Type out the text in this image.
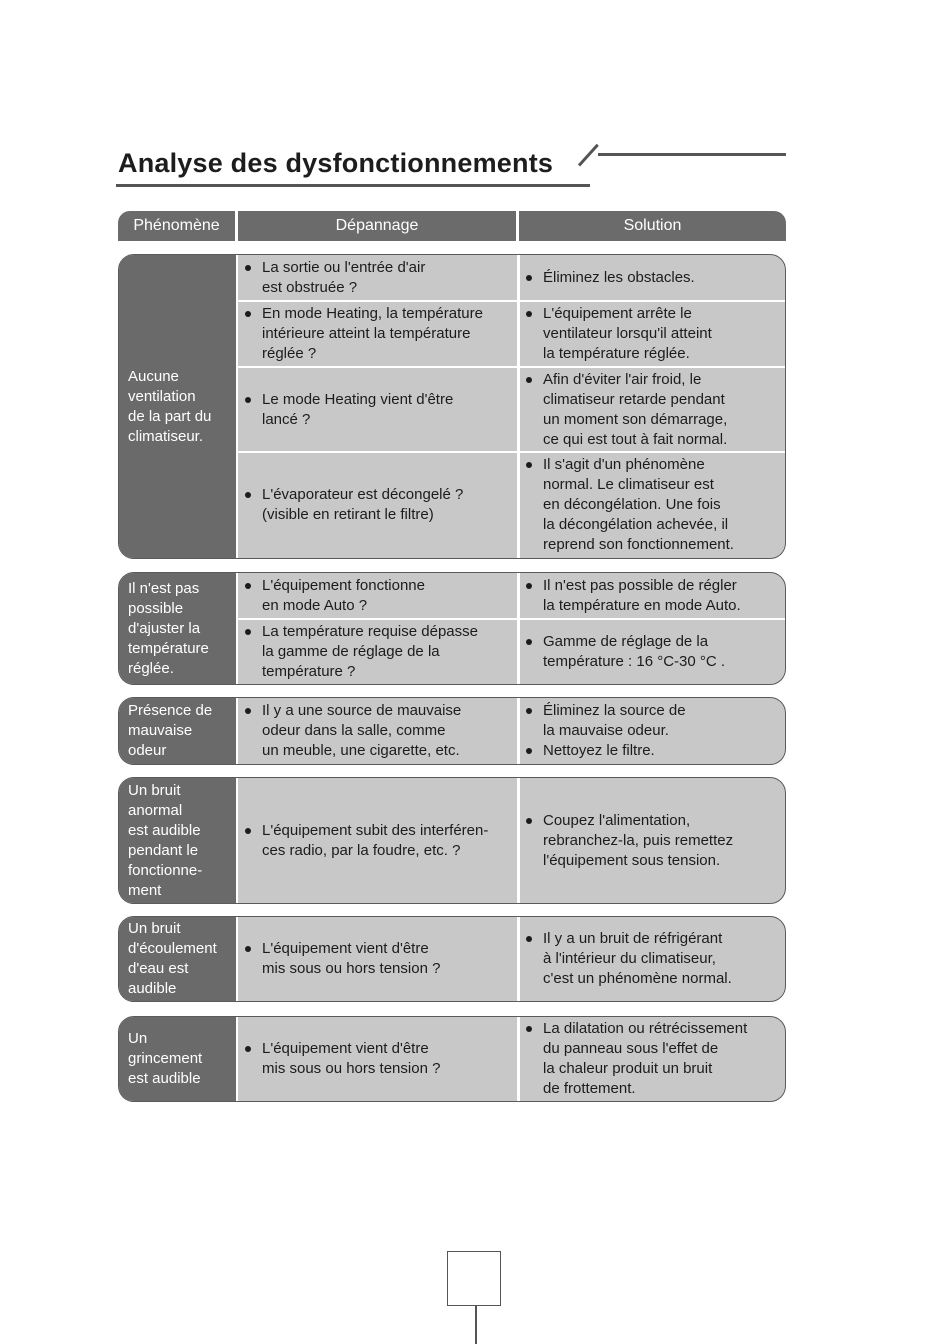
Analyse des dysfonctionnements
Phénomène	Dépannage	Solution
Aucune
ventilation
de la part du
climatiseur.
La sortie ou l'entrée d'air
est obstruée ?
Éliminez les obstacles.
En mode Heating, la température
intérieure atteint la température
réglée ?
L'équipement arrête le
ventilateur lorsqu'il atteint
la température réglée.
Le mode Heating vient d'être
lancé ?
Afin d'éviter l'air froid, le
climatiseur retarde pendant
un moment son démarrage,
ce qui est tout à fait normal.
L'évaporateur est décongelé ?
(visible en retirant le filtre)
Il s'agit d'un phénomène
normal. Le climatiseur est
en décongélation. Une fois
la décongélation achevée, il
reprend son fonctionnement.
Il n'est pas
possible
d'ajuster la
température
réglée.
L'équipement fonctionne
en mode Auto ?
Il n'est pas possible de régler
la température en mode Auto.
La température requise dépasse
la gamme de réglage de la
température ?
Gamme de réglage de la
température : 16 °C-30 °C .
Présence de
mauvaise
odeur
Il y a une source de mauvaise
odeur dans la salle, comme
un meuble, une cigarette, etc.
Éliminez la source de
la mauvaise odeur.
Nettoyez le filtre.
Un bruit
anormal
est audible
pendant le
fonctionne-
ment
L'équipement subit des interféren-
ces radio, par la foudre, etc. ?
Coupez l'alimentation,
rebranchez-la, puis remettez
l'équipement sous tension.
Un bruit
d'écoulement
d'eau est
audible
L'équipement vient d'être
mis sous ou hors tension ?
Il y a un bruit de réfrigérant
à l'intérieur du climatiseur,
c'est un phénomène normal.
Un
grincement
est audible
L'équipement vient d'être
mis sous ou hors tension ?
La dilatation ou rétrécissement
du panneau sous l'effet de
la chaleur produit un bruit
de frottement.
